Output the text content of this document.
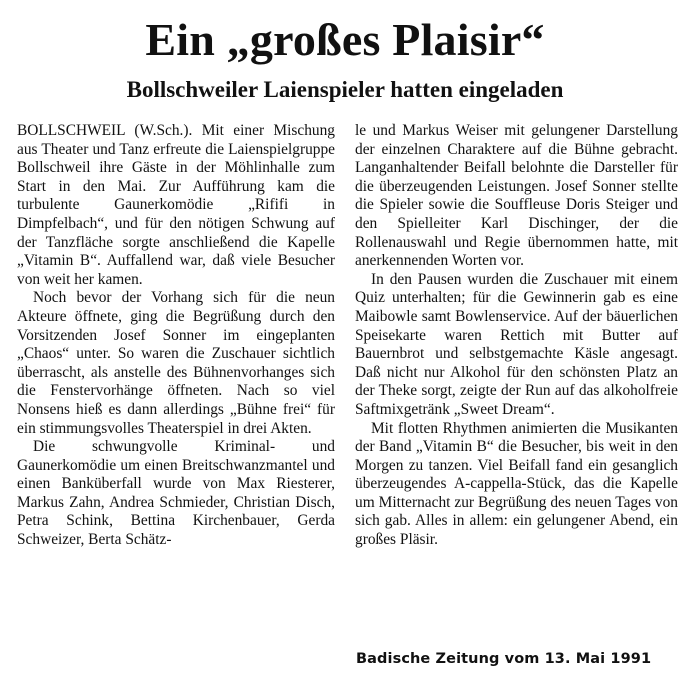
Ein „großes Plaisir“
Bollschweiler Laienspieler hatten eingeladen

BOLLSCHWEIL (W.Sch.). Mit einer Mischung aus Theater und Tanz erfreute die Laienspielgruppe Bollschweil ihre Gäste in der Möhlinhalle zum Start in den Mai. Zur Aufführung kam die turbulente Gaunerkomödie „Rififi in Dimpfelbach“, und für den nötigen Schwung auf der Tanzfläche sorgte anschließend die Kapelle „Vitamin B“. Auffallend war, daß viele Besucher von weit her kamen.

Noch bevor der Vorhang sich für die neun Akteure öffnete, ging die Begrüßung durch den Vorsitzenden Josef Sonner im eingeplanten „Chaos“ unter. So waren die Zuschauer sichtlich überrascht, als anstelle des Bühnenvorhanges sich die Fenstervorhänge öffneten. Nach so viel Nonsens hieß es dann allerdings „Bühne frei“ für ein stimmungsvolles Theaterspiel in drei Akten.

Die schwungvolle Kriminal- und Gaunerkomödie um einen Breitschwanzmantel und einen Banküberfall wurde von Max Riesterer, Markus Zahn, Andrea Schmieder, Christian Disch, Petra Schink, Bettina Kirchenbauer, Gerda Schweizer, Berta Schätz-

le und Markus Weiser mit gelungener Darstellung der einzelnen Charaktere auf die Bühne gebracht. Langanhaltender Beifall belohnte die Darsteller für die überzeugenden Leistungen. Josef Sonner stellte die Spieler sowie die Souffleuse Doris Steiger und den Spielleiter Karl Dischinger, der die Rollenauswahl und Regie übernommen hatte, mit anerkennenden Worten vor.

In den Pausen wurden die Zuschauer mit einem Quiz unterhalten; für die Gewinnerin gab es eine Maibowle samt Bowlenservice. Auf der bäuerlichen Speisekarte waren Rettich mit Butter auf Bauernbrot und selbstgemachte Käsle angesagt. Daß nicht nur Alkohol für den schönsten Platz an der Theke sorgt, zeigte der Run auf das alkoholfreie Saftmixgetränk „Sweet Dream“.

Mit flotten Rhythmen animierten die Musikanten der Band „Vitamin B“ die Besucher, bis weit in den Morgen zu tanzen. Viel Beifall fand ein gesanglich überzeugendes A-cappella-Stück, das die Kapelle um Mitternacht zur Begrüßung des neuen Tages von sich gab. Alles in allem: ein gelungener Abend, ein großes Pläsir.

Badische Zeitung vom 13. Mai 1991
